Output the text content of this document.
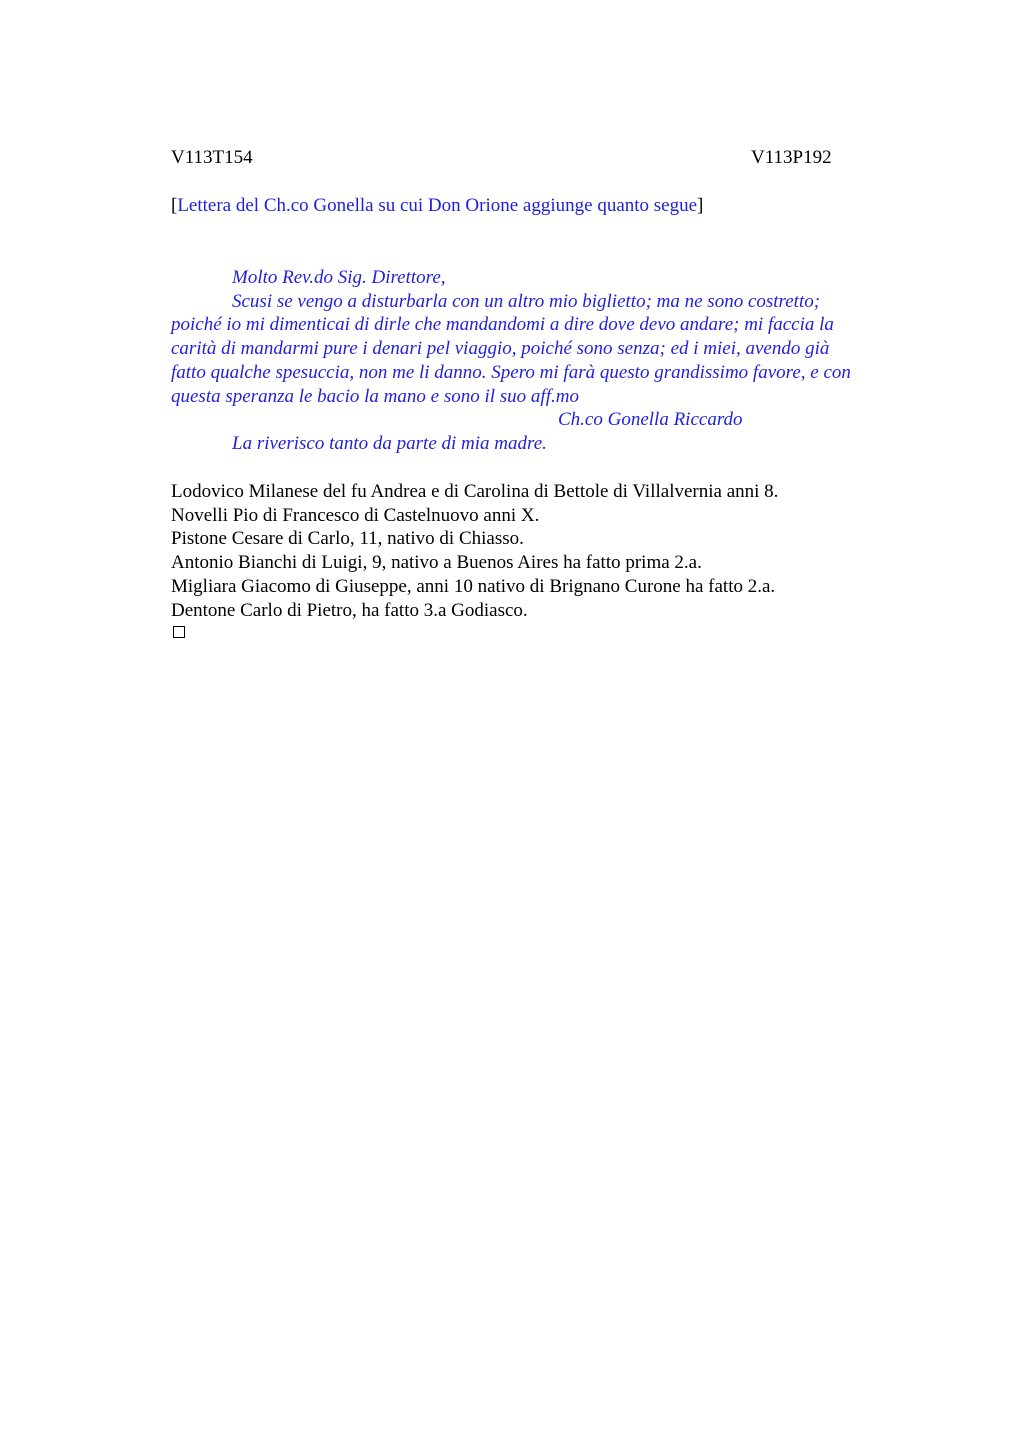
V113T154	V113P192
[Lettera del Ch.co Gonella su cui Don Orione aggiunge quanto segue]
Molto Rev.do Sig. Direttore,
Scusi se vengo a disturbarla con un altro mio biglietto; ma ne sono costretto;
poiché io mi dimenticai di dirle che mandandomi a dire dove devo andare; mi faccia la
carità di mandarmi pure i denari pel viaggio, poiché sono senza; ed i miei, avendo già
fatto qualche spesuccia, non me li danno. Spero mi farà questo grandissimo favore, e con
questa speranza le bacio la mano e sono il suo aff.mo
Ch.co Gonella Riccardo
La riverisco tanto da parte di mia madre.
Lodovico Milanese del fu Andrea e di Carolina di Bettole di Villalvernia anni 8.
Novelli Pio di Francesco di Castelnuovo anni X.
Pistone Cesare di Carlo, 11, nativo di Chiasso.
Antonio Bianchi di Luigi, 9, nativo a Buenos Aires ha fatto prima 2.a.
Migliara Giacomo di Giuseppe, anni 10 nativo di Brignano Curone ha fatto 2.a.
Dentone Carlo di Pietro, ha fatto 3.a Godiasco.
